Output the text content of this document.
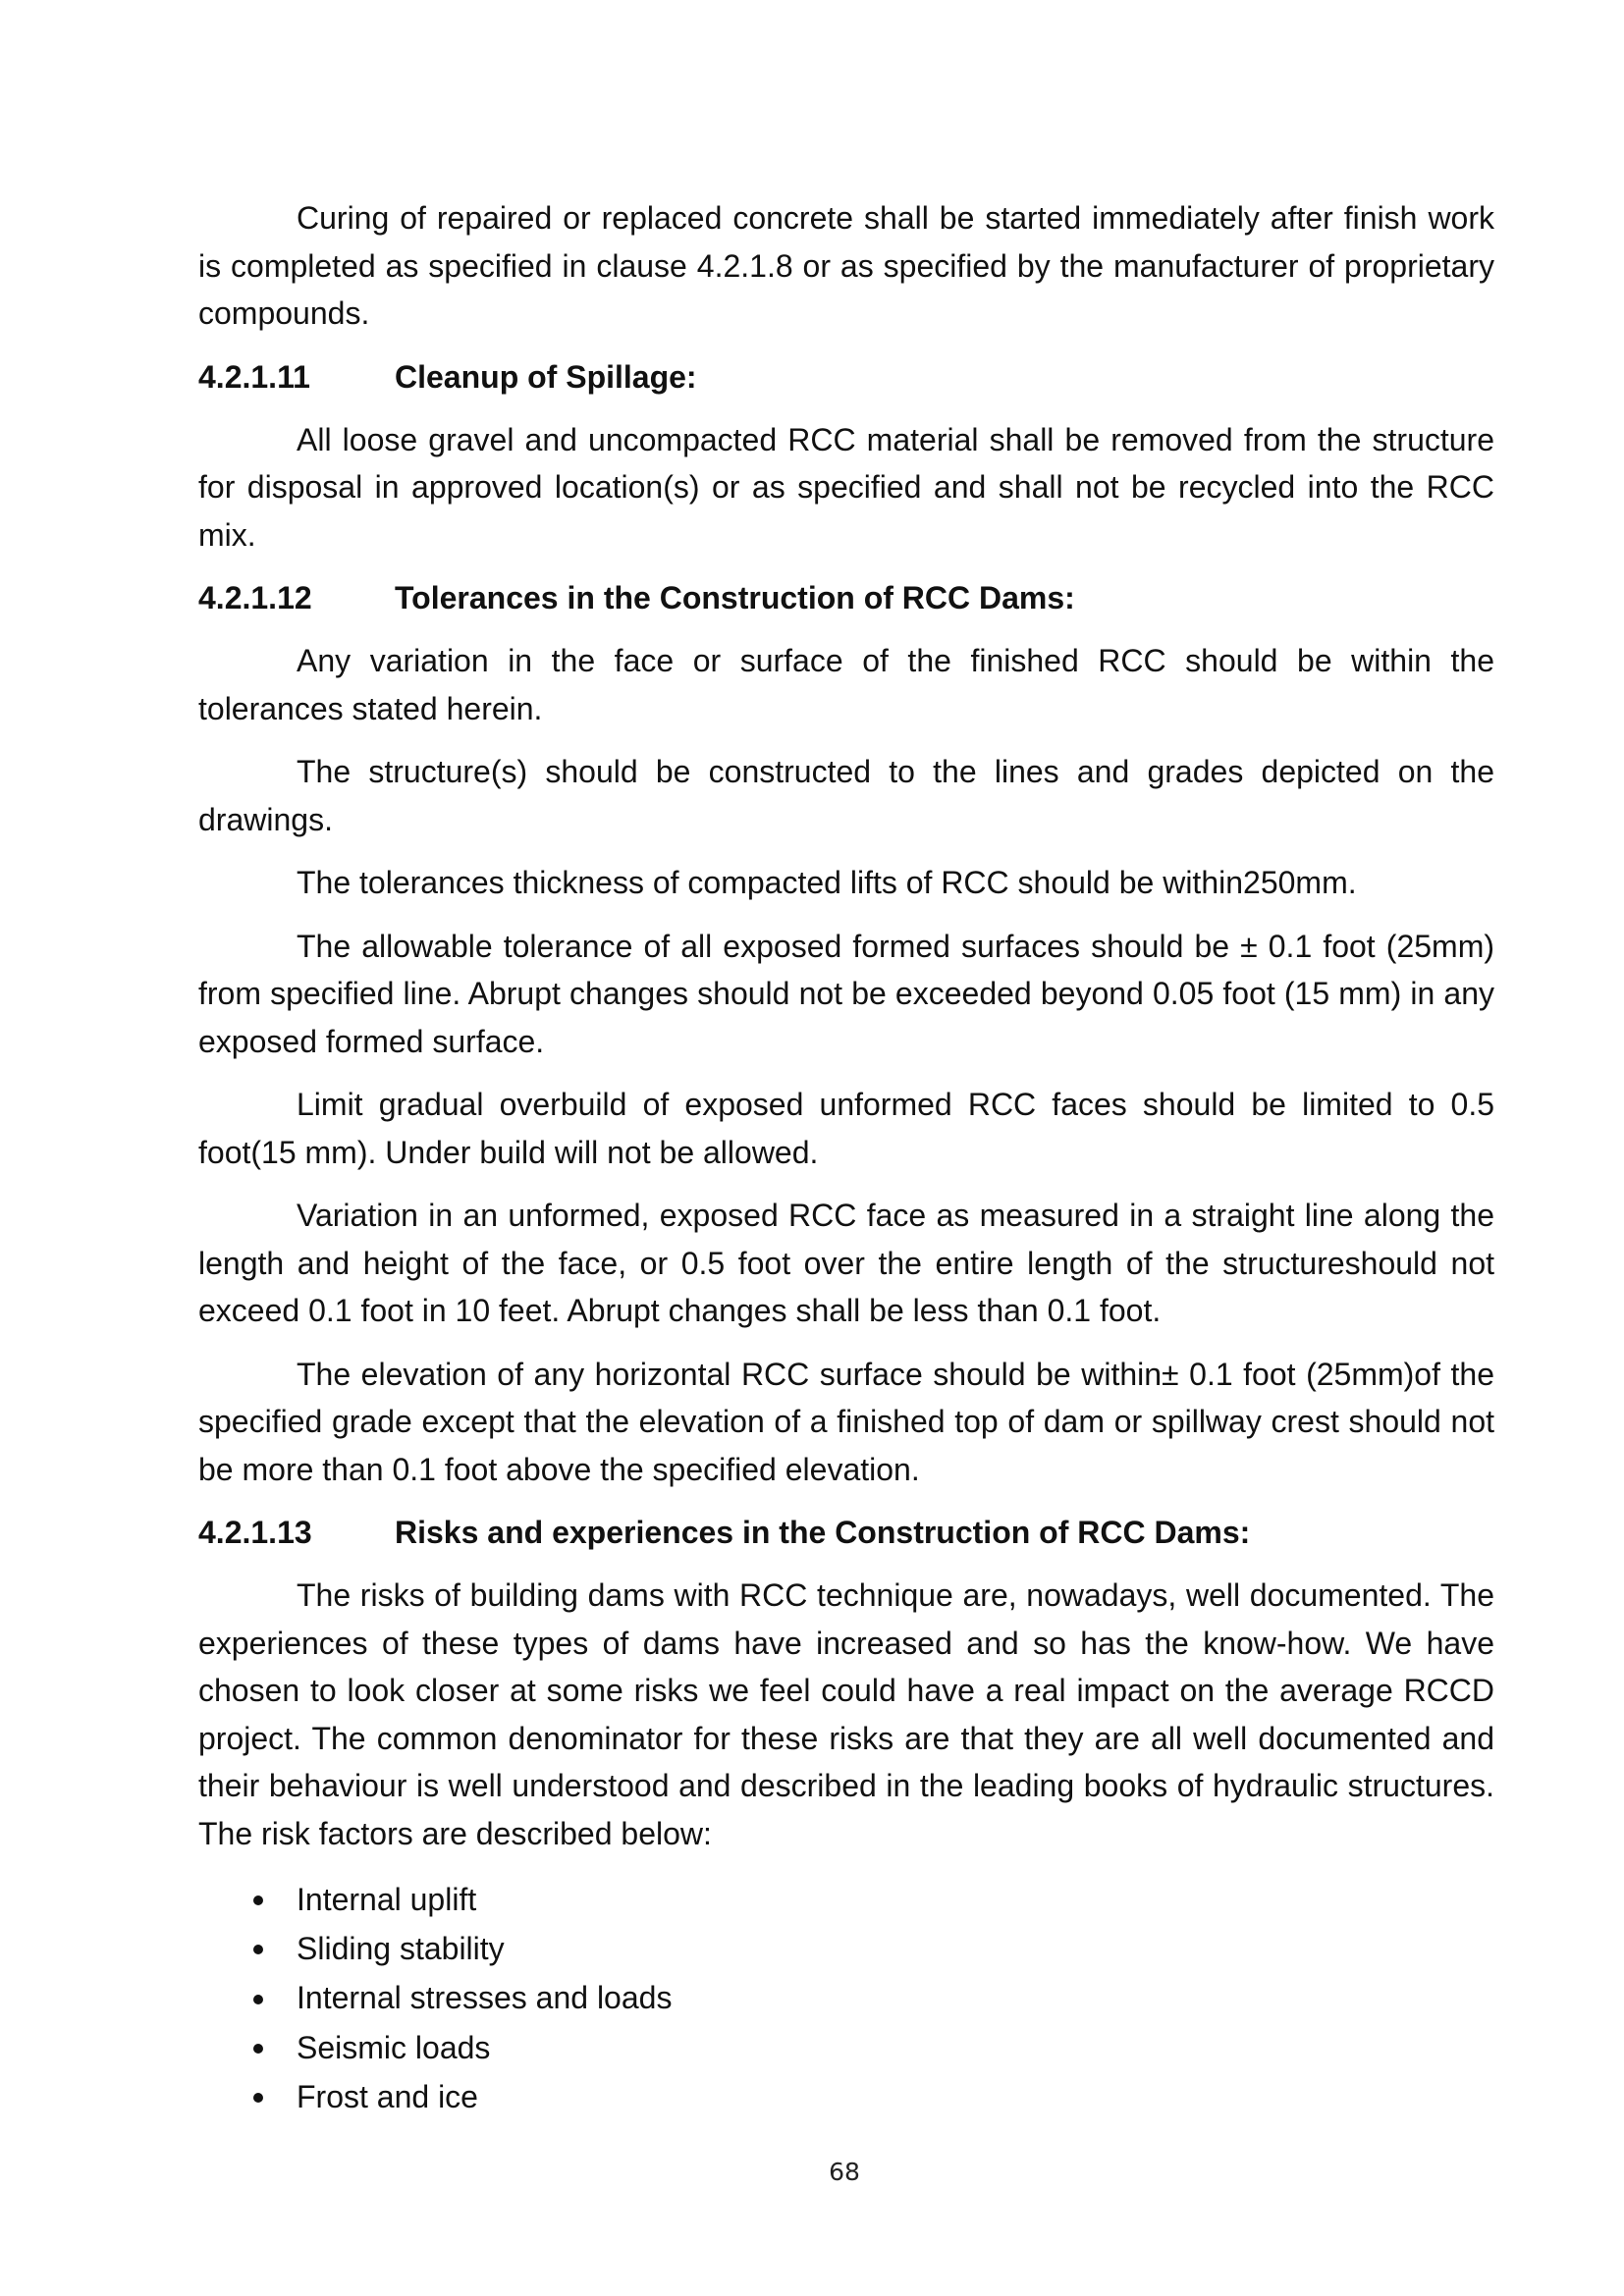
Curing of repaired or replaced concrete shall be started immediately after finish work is completed as specified in clause 4.2.1.8 or as specified by the manufacturer of proprietary compounds.

4.2.1.11	Cleanup of Spillage:

All loose gravel and uncompacted RCC material shall be removed from the structure for disposal in approved location(s) or as specified and shall not be recycled into the RCC mix.

4.2.1.12	Tolerances in the Construction of RCC Dams:

Any variation in the face or surface of the finished RCC should be within the tolerances stated herein.

The structure(s) should be constructed to the lines and grades depicted on the drawings.

The tolerances thickness of compacted lifts of RCC should be within250mm.

The allowable tolerance of all exposed formed surfaces should be ± 0.1 foot (25mm) from specified line. Abrupt changes should not be exceeded beyond 0.05 foot (15 mm) in any exposed formed surface.

Limit gradual overbuild of exposed unformed RCC faces should be limited to 0.5 foot(15 mm). Under build will not be allowed.

Variation in an unformed, exposed RCC face as measured in a straight line along the length and height of the face, or 0.5 foot over the entire length of the structureshould not exceed 0.1 foot in 10 feet. Abrupt changes shall be less than 0.1 foot.

The elevation of any horizontal RCC surface should be within± 0.1 foot (25mm)of the specified grade except that the elevation of a finished top of dam or spillway crest should not be more than 0.1 foot above the specified elevation.

4.2.1.13	Risks and experiences in the Construction of RCC Dams:

The risks of building dams with RCC technique are, nowadays, well documented. The experiences of these types of dams have increased and so has the know-how. We have chosen to look closer at some risks we feel could have a real impact on the average RCCD project. The common denominator for these risks are that they are all well documented and their behaviour is well understood and described in the leading books of hydraulic structures. The risk factors are described below:

Internal uplift
Sliding stability
Internal stresses and loads
Seismic loads
Frost and ice
68
